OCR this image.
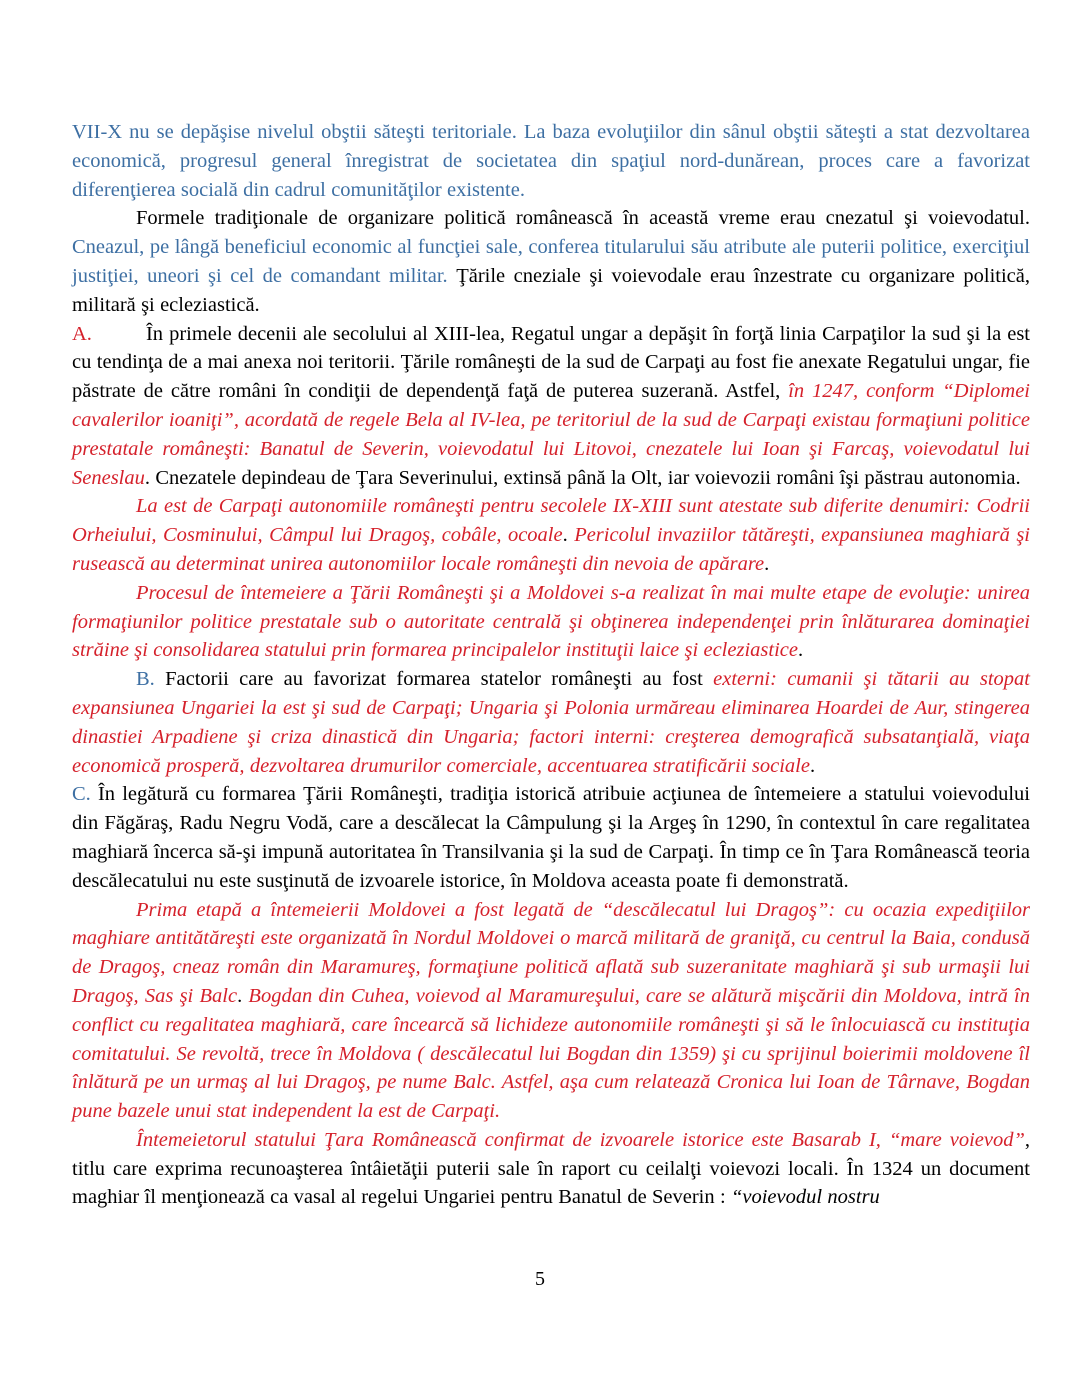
VII-X nu se depăşise nivelul obştii săteşti teritoriale. La baza evoluţiilor din sânul obştii săteşti a stat dezvoltarea economică, progresul general înregistrat de societatea din spaţiul nord-dunărean, proces care a favorizat diferenţierea socială din cadrul comunităţilor existente.

Formele tradiţionale de organizare politică românească în această vreme erau cnezatul şi voievodatul. Cneazul, pe lângă beneficiul economic al funcţiei sale, conferea titularului său atribute ale puterii politice, exerciţiul justiţiei, uneori şi cel de comandant militar. Ţările cneziale şi voievodale erau înzestrate cu organizare politică, militară şi ecleziastică.

A.	În primele decenii ale secolului al XIII-lea, Regatul ungar a depăşit în forţă linia Carpaţilor la sud şi la est cu tendinţa de a mai anexa noi teritorii. Ţările româneşti de la sud de Carpaţi au fost fie anexate Regatului ungar, fie păstrate de către români în condiţii de dependenţă faţă de puterea suzerană. Astfel, în 1247, conform “Diplomei cavalerilor ioaniţi”, acordată de regele Bela al IV-lea, pe teritoriul de la sud de Carpaţi existau formaţiuni politice prestatale româneşti: Banatul de Severin, voievodatul lui Litovoi, cnezatele lui Ioan şi Farcaş, voievodatul lui Seneslau. Cnezatele depindeau de Ţara Severinului, extinsă până la Olt, iar voievozii români îşi păstrau autonomia.

La est de Carpaţi autonomiile româneşti pentru secolele IX-XIII sunt atestate sub diferite denumiri: Codrii Orheiului, Cosminului, Câmpul lui Dragoş, cobâle, ocoale. Pericolul invaziilor tătăreşti, expansiunea maghiară şi rusească au determinat unirea autonomiilor locale româneşti din nevoia de apărare.

Procesul de întemeiere a Ţării Româneşti şi a Moldovei s-a realizat în mai multe etape de evoluţie: unirea formaţiunilor politice prestatale sub o autoritate centrală şi obţinerea independenţei prin înlăturarea dominaţiei străine şi consolidarea statului prin formarea principalelor instituţii laice şi ecleziastice.

B. Factorii care au favorizat formarea statelor româneşti au fost externi: cumanii şi tătarii au stopat expansiunea Ungariei la est şi sud de Carpaţi; Ungaria şi Polonia urmăreau eliminarea Hoardei de Aur, stingerea dinastiei Arpadiene şi criza dinastică din Ungaria; factori interni: creşterea demografică subsatanţială, viaţa economică prosperă, dezvoltarea drumurilor comerciale, accentuarea stratificării sociale.

C. În legătură cu formarea Ţării Româneşti, tradiţia istorică atribuie acţiunea de întemeiere a statului voievodului din Făgăraş, Radu Negru Vodă, care a descălecat la Câmpulung şi la Argeş în 1290, în contextul în care regalitatea maghiară încerca să-şi impună autoritatea în Transilvania şi la sud de Carpaţi. În timp ce în Ţara Românească teoria descălecatului nu este susţinută de izvoarele istorice, în Moldova aceasta poate fi demonstrată.

Prima etapă a întemeierii Moldovei a fost legată de “descălecatul lui Dragoş”: cu ocazia expediţiilor maghiare antitătăreşti este organizată în Nordul Moldovei o marcă militară de graniţă, cu centrul la Baia, condusă de Dragoş, cneaz român din Maramureş, formaţiune politică aflată sub suzeranitate maghiară şi sub urmaşii lui Dragoş, Sas şi Balc. Bogdan din Cuhea, voievod al Maramureşului, care se alătură mişcării din Moldova, intră în conflict cu regalitatea maghiară, care încearcă să lichideze autonomiile româneşti şi să le înlocuiască cu instituţia comitatului. Se revoltă, trece în Moldova ( descălecatul lui Bogdan din 1359) şi cu sprijinul boierimii moldovene îl înlătură pe un urmaş al lui Dragoş, pe nume Balc. Astfel, aşa cum relatează Cronica lui Ioan de Târnave, Bogdan pune bazele unui stat independent la est de Carpaţi.

Întemeietorul statului Ţara Românească confirmat de izvoarele istorice este Basarab I, “mare voievod”, titlu care exprima recunoaşterea întâietăţii puterii sale în raport cu ceilalţi voievozi locali. În 1324 un document maghiar îl menţionează ca vasal al regelui Ungariei pentru Banatul de Severin : “voievodul nostru

5
